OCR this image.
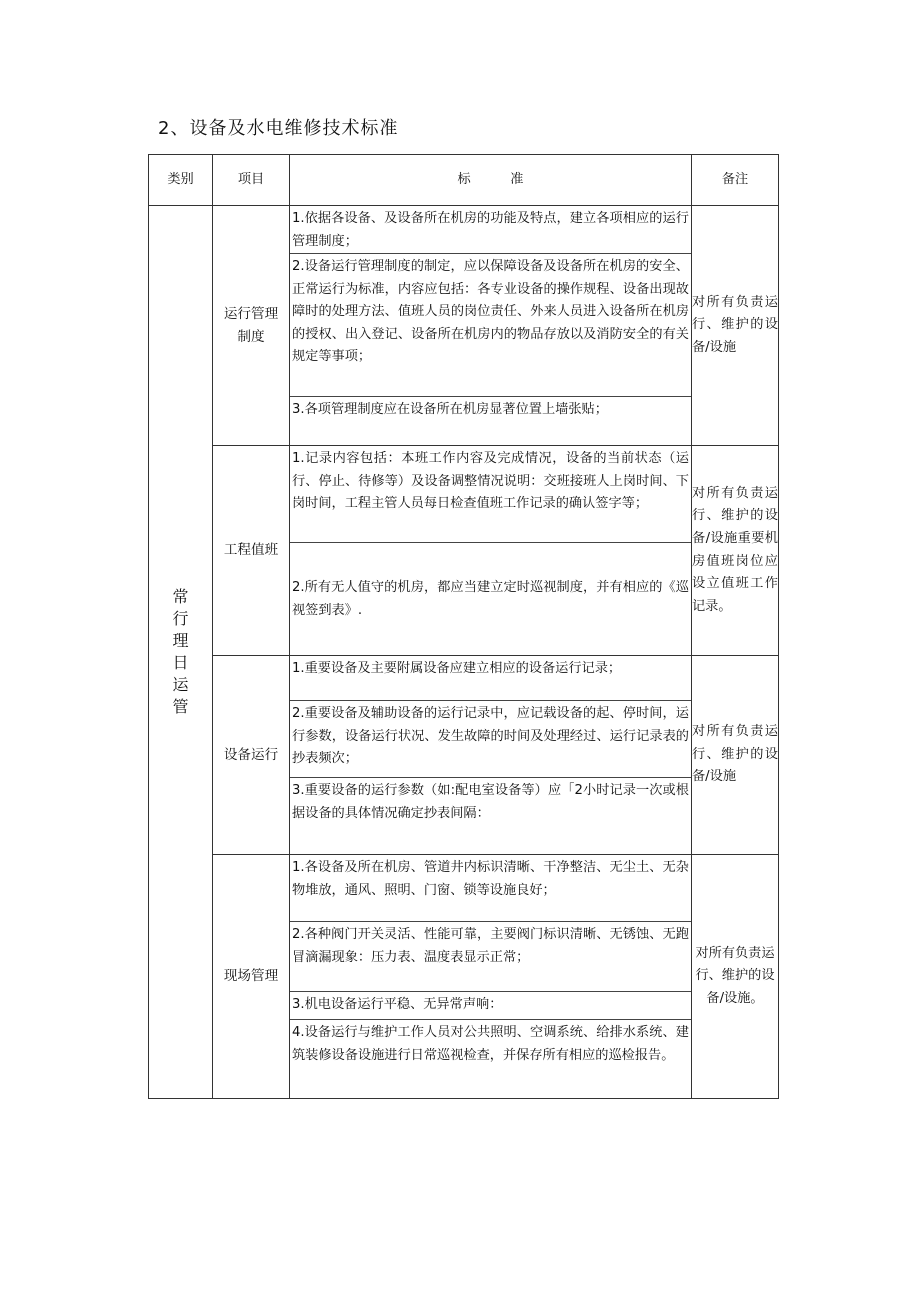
2、设备及水电维修技术标准
类别	项目	标　　　准	备注

常行理日运管	运行管理制度	1.依据各设备、及设备所在机房的功能及特点，建立各项相应的运行管理制度；
2.设备运行管理制度的制定，应以保障设备及设备所在机房的安全、正常运行为标准，内容应包括：各专业设备的操作规程、设备出现故障时的处理方法、值班人员的岗位责任、外来人员进入设备所在机房的授权、出入登记、设备所在机房内的物品存放以及消防安全的有关规定等事项；
3.各项管理制度应在设备所在机房显著位置上墙张贴；	对所有负责运行、维护的设备/设施
	工程值班	1.记录内容包括：本班工作内容及完成情况，设备的当前状态（运行、停止、待修等）及设备调整情况说明：交班接班人上岗时间、下岗时间，工程主管人员每日检查值班工作记录的确认签字等；
2.所有无人值守的机房，都应当建立定时巡视制度，并有相应的《巡视签到表》.	对所有负责运行、维护的设备/设施重要机房值班岗位应设立值班工作记录。
	设备运行	1.重要设备及主要附属设备应建立相应的设备运行记录；
2.重要设备及辅助设备的运行记录中，应记载设备的起、停时间，运行参数，设备运行状况、发生故障的时间及处理经过、运行记录表的抄表频次；
3.重要设备的运行参数（如:配电室设备等）应「2小时记录一次或根据设备的具体情况确定抄表间隔：	对所有负责运行、维护的设备/设施
	现场管理	1.各设备及所在机房、管道井内标识清晰、干净整洁、无尘土、无杂物堆放，通风、照明、门窗、锁等设施良好；
2.各种阀门开关灵活、性能可靠，主要阀门标识清晰、无锈蚀、无跑冒滴漏现象：压力表、温度表显示正常；
3.机电设备运行平稳、无异常声响：
4.设备运行与维护工作人员对公共照明、空调系统、给排水系统、建筑装修设备设施进行日常巡视检查，并保存所有相应的巡检报告。	对所有负责运行、维护的设备/设施。
